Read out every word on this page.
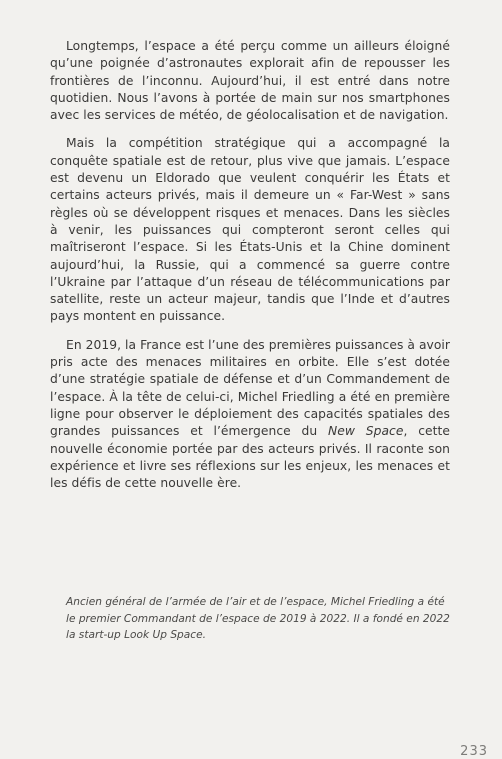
Longtemps, l’espace a été perçu comme un ailleurs éloigné qu’une poignée d’astronautes explorait afin de repousser les frontières de l’inconnu. Aujourd’hui, il est entré dans notre quotidien. Nous l’avons à portée de main sur nos smartphones avec les services de météo, de géolocalisation et de navigation.

Mais la compétition stratégique qui a accompagné la conquête spatiale est de retour, plus vive que jamais. L’espace est devenu un Eldorado que veulent conquérir les États et certains acteurs privés, mais il demeure un « Far-West » sans règles où se développent risques et menaces. Dans les siècles à venir, les puissances qui compteront seront celles qui maîtriseront l’espace. Si les États-Unis et la Chine dominent aujourd’hui, la Russie, qui a commencé sa guerre contre l’Ukraine par l’attaque d’un réseau de télécommunications par satellite, reste un acteur majeur, tandis que l’Inde et d’autres pays montent en puissance.

En 2019, la France est l’une des premières puissances à avoir pris acte des menaces militaires en orbite. Elle s’est dotée d’une stratégie spatiale de défense et d’un Commandement de l’espace. À la tête de celui-ci, Michel Friedling a été en première ligne pour observer le déploiement des capacités spatiales des grandes puissances et l’émergence du New Space, cette nouvelle économie portée par des acteurs privés. Il raconte son expérience et livre ses réflexions sur les enjeux, les menaces et les défis de cette nouvelle ère.

Ancien général de l’armée de l’air et de l’espace, Michel Friedling a été le premier Commandant de l’espace de 2019 à 2022. Il a fondé en 2022 la start-up Look Up Space.

233
